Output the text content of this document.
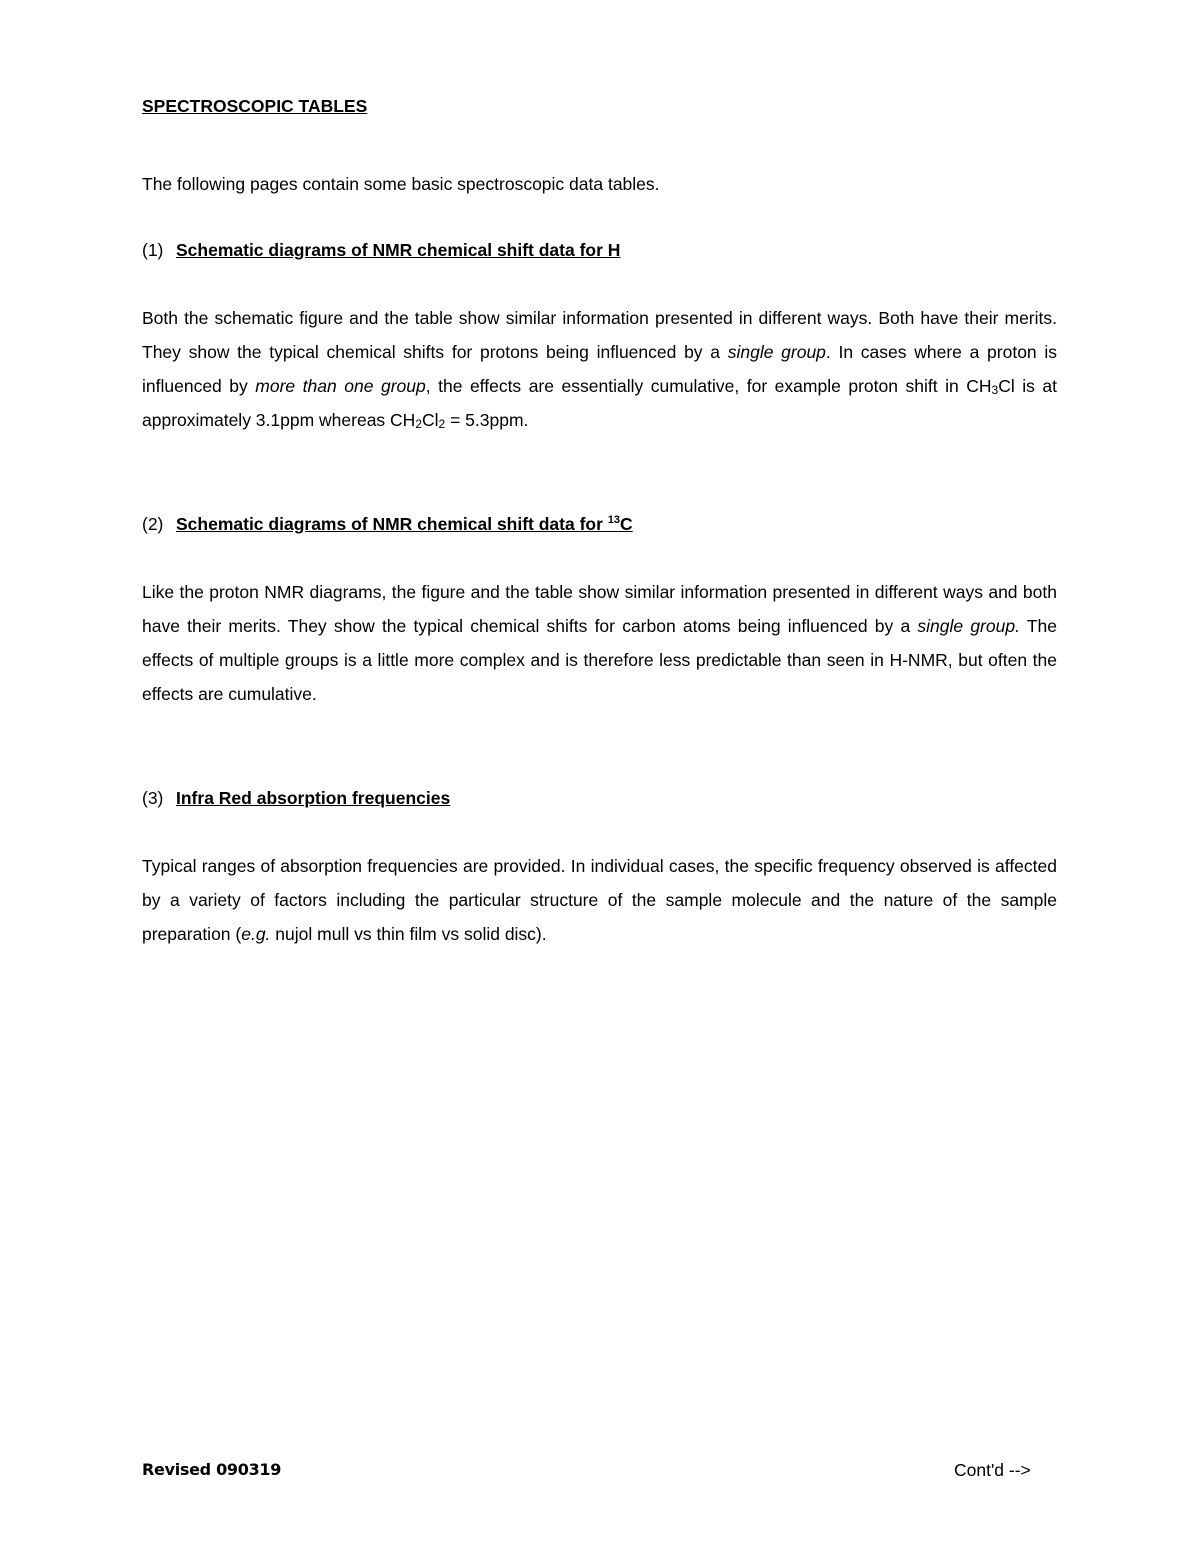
SPECTROSCOPIC TABLES

The following pages contain some basic spectroscopic data tables.

(1) Schematic diagrams of NMR chemical shift data for H

Both the schematic figure and the table show similar information presented in different ways. Both have their merits. They show the typical chemical shifts for protons being influenced by a single group. In cases where a proton is influenced by more than one group, the effects are essentially cumulative, for example proton shift in $CH_3Cl$ is at approximately 3.1ppm whereas $CH_2Cl_2 = 5.3ppm$.

(2) Schematic diagrams of NMR chemical shift data for $^{13}$C

Like the proton NMR diagrams, the figure and the table show similar information presented in different ways and both have their merits. They show the typical chemical shifts for carbon atoms being influenced by a single group. The effects of multiple groups is a little more complex and is therefore less predictable than seen in H-NMR, but often the effects are cumulative.

(3) Infra Red absorption frequencies

Typical ranges of absorption frequencies are provided. In individual cases, the specific frequency observed is affected by a variety of factors including the particular structure of the sample molecule and the nature of the sample preparation (e.g. nujol mull vs thin film vs solid disc).

Revised 090319	Cont'd -->
